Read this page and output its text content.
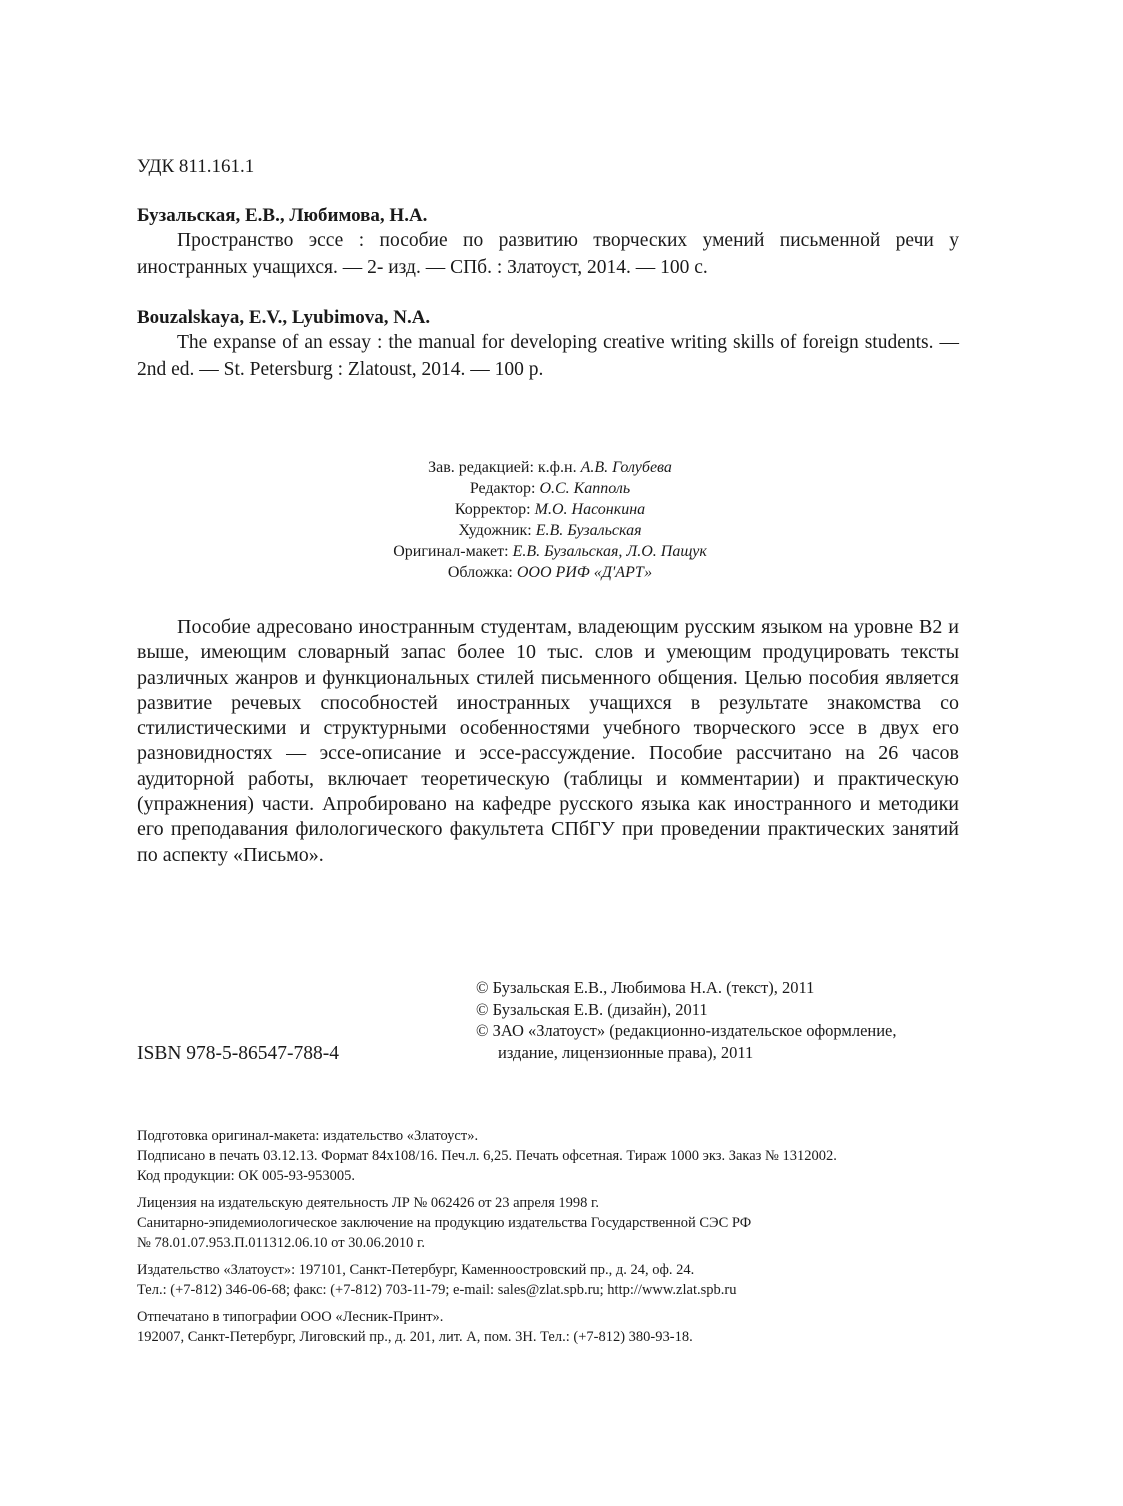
УДК 811.161.1
Бузальская, Е.В., Любимова, Н.А.
Пространство эссе : пособие по развитию творческих умений письменной речи у иностранных учащихся. — 2- изд. — СПб. : Златоуст, 2014. — 100 с.
Bouzalskaya, E.V., Lyubimova, N.A.
The expanse of an essay : the manual for developing creative writing skills of foreign students. — 2nd ed. — St. Petersburg : Zlatoust, 2014. — 100 p.
Зав. редакцией: к.ф.н. А.В. Голубева
Редактор: О.С. Капполь
Корректор: М.О. Насонкина
Художник: Е.В. Бузальская
Оригинал-макет: Е.В. Бузальская, Л.О. Пащук
Обложка: ООО РИФ «Д'АРТ»
Пособие адресовано иностранным студентам, владеющим русским языком на уровне В2 и выше, имеющим словарный запас более 10 тыс. слов и умеющим продуцировать тексты различных жанров и функциональных стилей письменного общения. Целью пособия является развитие речевых способностей иностранных учащихся в результате знакомства со стилистическими и структурными особенностями учебного творческого эссе в двух его разновидностях — эссе-описание и эссе-рассуждение. Пособие рассчитано на 26 часов аудиторной работы, включает теоретическую (таблицы и комментарии) и практическую (упражнения) части. Апробировано на кафедре русского языка как иностранного и методики его преподавания филологического факультета СПбГУ при проведении практических занятий по аспекту «Письмо».
© Бузальская Е.В., Любимова Н.А. (текст), 2011
© Бузальская Е.В. (дизайн), 2011
© ЗАО «Златоуст» (редакционно-издательское оформление,
издание, лицензионные права), 2011
ISBN 978-5-86547-788-4
Подготовка оригинал-макета: издательство «Златоуст».
Подписано в печать 03.12.13. Формат 84х108/16. Печ.л. 6,25. Печать офсетная. Тираж 1000 экз. Заказ № 1312002.
Код продукции: ОК 005-93-953005.
Лицензия на издательскую деятельность ЛР № 062426 от 23 апреля 1998 г.
Санитарно-эпидемиологическое заключение на продукцию издательства Государственной СЭС РФ
№ 78.01.07.953.П.011312.06.10 от 30.06.2010 г.
Издательство «Златоуст»: 197101, Санкт-Петербург, Каменноостровский пр., д. 24, оф. 24.
Тел.: (+7-812) 346-06-68; факс: (+7-812) 703-11-79; e-mail: sales@zlat.spb.ru; http://www.zlat.spb.ru
Отпечатано в типографии ООО «Лесник-Принт».
192007, Санкт-Петербург, Лиговский пр., д. 201, лит. А, пом. 3Н. Тел.: (+7-812) 380-93-18.
